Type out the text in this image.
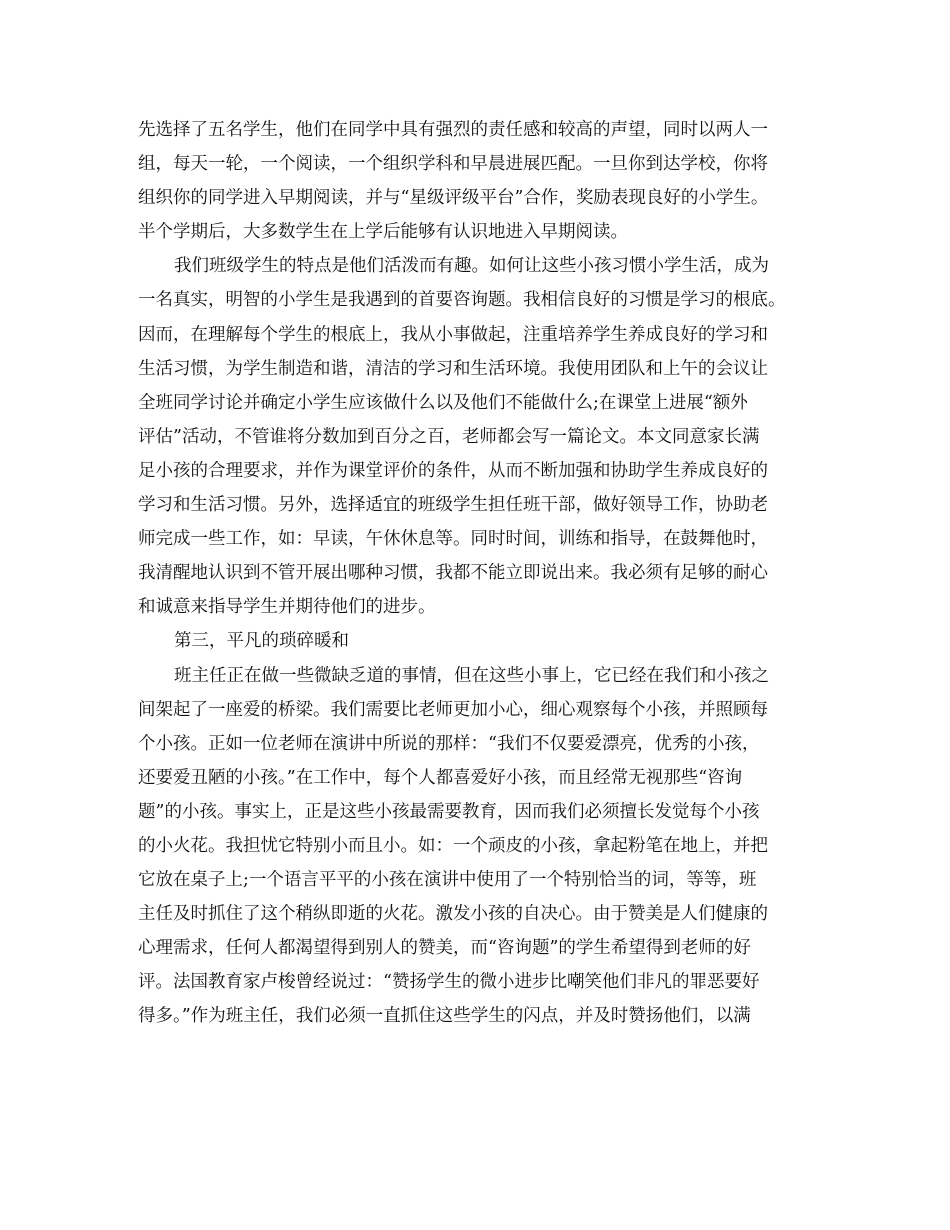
先选择了五名学生，他们在同学中具有强烈的责任感和较高的声望，同时以两人一
组，每天一轮，一个阅读，一个组织学科和早晨进展匹配。一旦你到达学校，你将
组织你的同学进入早期阅读，并与“星级评级平台”合作，奖励表现良好的小学生。
半个学期后，大多数学生在上学后能够有认识地进入早期阅读。

我们班级学生的特点是他们活泼而有趣。如何让这些小孩习惯小学生活，成为
一名真实，明智的小学生是我遇到的首要咨询题。我相信良好的习惯是学习的根底。
因而，在理解每个学生的根底上，我从小事做起，注重培养学生养成良好的学习和
生活习惯，为学生制造和谐，清洁的学习和生活环境。我使用团队和上午的会议让
全班同学讨论并确定小学生应该做什么以及他们不能做什么;在课堂上进展“额外
评估”活动，不管谁将分数加到百分之百，老师都会写一篇论文。本文同意家长满
足小孩的合理要求，并作为课堂评价的条件，从而不断加强和协助学生养成良好的
学习和生活习惯。另外，选择适宜的班级学生担任班干部，做好领导工作，协助老
师完成一些工作，如：早读，午休休息等。同时时间，训练和指导，在鼓舞他时，
我清醒地认识到不管开展出哪种习惯，我都不能立即说出来。我必须有足够的耐心
和诚意来指导学生并期待他们的进步。

第三，平凡的琐碎暖和

班主任正在做一些微缺乏道的事情，但在这些小事上，它已经在我们和小孩之
间架起了一座爱的桥梁。我们需要比老师更加小心，细心观察每个小孩，并照顾每
个小孩。正如一位老师在演讲中所说的那样：“我们不仅要爱漂亮，优秀的小孩，
还要爱丑陋的小孩。”在工作中，每个人都喜爱好小孩，而且经常无视那些“咨询
题”的小孩。事实上，正是这些小孩最需要教育，因而我们必须擅长发觉每个小孩
的小火花。我担忧它特别小而且小。如：一个顽皮的小孩，拿起粉笔在地上，并把
它放在桌子上;一个语言平平的小孩在演讲中使用了一个特别恰当的词，等等，班
主任及时抓住了这个稍纵即逝的火花。激发小孩的自决心。由于赞美是人们健康的
心理需求，任何人都渴望得到别人的赞美，而“咨询题”的学生希望得到老师的好
评。法国教育家卢梭曾经说过：“赞扬学生的微小进步比嘲笑他们非凡的罪恶要好
得多。”作为班主任，我们必须一直抓住这些学生的闪点，并及时赞扬他们，以满
